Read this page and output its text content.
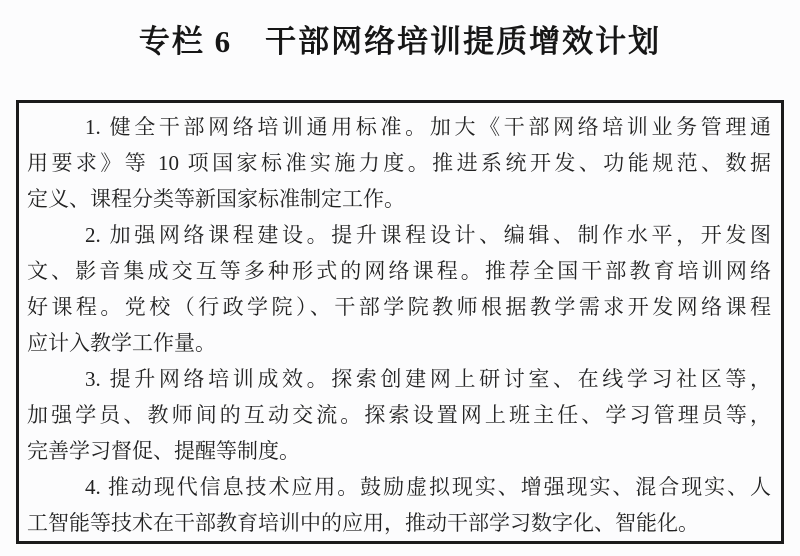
专栏 6　干部网络培训提质增效计划
1. 健全干部网络培训通用标准。加大《干部网络培训业务管理通
用要求》等 10 项国家标准实施力度。推进系统开发、功能规范、数据
定义、课程分类等新国家标准制定工作。
2. 加强网络课程建设。提升课程设计、编辑、制作水平，开发图
文、影音集成交互等多种形式的网络课程。推荐全国干部教育培训网络
好课程。党校（行政学院）、干部学院教师根据教学需求开发网络课程
应计入教学工作量。
3. 提升网络培训成效。探索创建网上研讨室、在线学习社区等，
加强学员、教师间的互动交流。探索设置网上班主任、学习管理员等，
完善学习督促、提醒等制度。
4. 推动现代信息技术应用。鼓励虚拟现实、增强现实、混合现实、人
工智能等技术在干部教育培训中的应用，推动干部学习数字化、智能化。
